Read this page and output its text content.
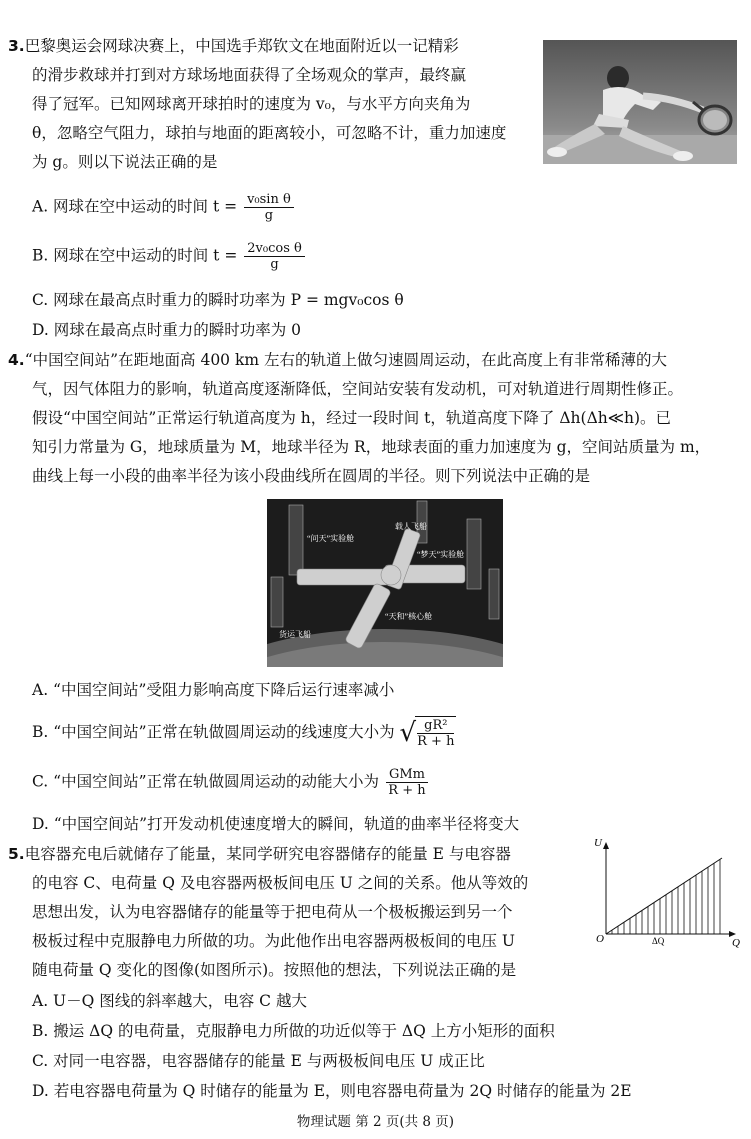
3.巴黎奥运会网球决赛上，中国选手郑钦文在地面附近以一记精彩
的滑步救球并打到对方球场地面获得了全场观众的掌声，最终赢
得了冠军。已知网球离开球拍时的速度为 v₀，与水平方向夹角为
θ，忽略空气阻力，球拍与地面的距离较小，可忽略不计，重力加速度
为 g。则以下说法正确的是
A. 网球在空中运动的时间 $t = \frac{\text{v₀sin θ}}{g}$
B. 网球在空中运动的时间 $t = \frac{\text{2v₀cos θ}}{g}$
C. 网球在最高点时重力的瞬时功率为 P = mgv₀cos θ
D. 网球在最高点时重力的瞬时功率为 0
4.“中国空间站”在距地面高 400 km 左右的轨道上做匀速圆周运动，在此高度上有非常稀薄的大
气，因气体阻力的影响，轨道高度逐渐降低，空间站安装有发动机，可对轨道进行周期性修正。
假设“中国空间站”正常运行轨道高度为 h，经过一段时间 t，轨道高度下降了 Δh(Δh≪h)。已
知引力常量为 G，地球质量为 M，地球半径为 R，地球表面的重力加速度为 g，空间站质量为 m，
曲线上每一小段的曲率半径为该小段曲线所在圆周的半径。则下列说法中正确的是
“问天”实验舱
载人飞船
“梦天”实验舱
“天和”核心舱
货运飞船
A. “中国空间站”受阻力影响高度下降后运行速率减小
B. “中国空间站”正常在轨做圆周运动的线速度大小为 √ $\frac{\text{gR²}}{R + h}$
C. “中国空间站”正常在轨做圆周运动的动能大小为 $\frac{\text{GMm}}{R + h}$
D. “中国空间站”打开发动机使速度增大的瞬间，轨道的曲率半径将变大
5.电容器充电后就储存了能量，某同学研究电容器储存的能量 E 与电容器
的电容 C、电荷量 Q 及电容器两极板间电压 U 之间的关系。他从等效的
思想出发，认为电容器储存的能量等于把电荷从一个极板搬运到另一个
极板过程中克服静电力所做的功。为此他作出电容器两极板间的电压 U
随电荷量 Q 变化的图像(如图所示)。按照他的想法，下列说法正确的是
U
Q
O	ΔQ
A. U－Q 图线的斜率越大，电容 C 越大
B. 搬运 ΔQ 的电荷量，克服静电力所做的功近似等于 ΔQ 上方小矩形的面积
C. 对同一电容器，电容器储存的能量 E 与两极板间电压 U 成正比
D. 若电容器电荷量为 Q 时储存的能量为 E，则电容器电荷量为 2Q 时储存的能量为 2E
物理试题 第 2 页(共 8 页)
